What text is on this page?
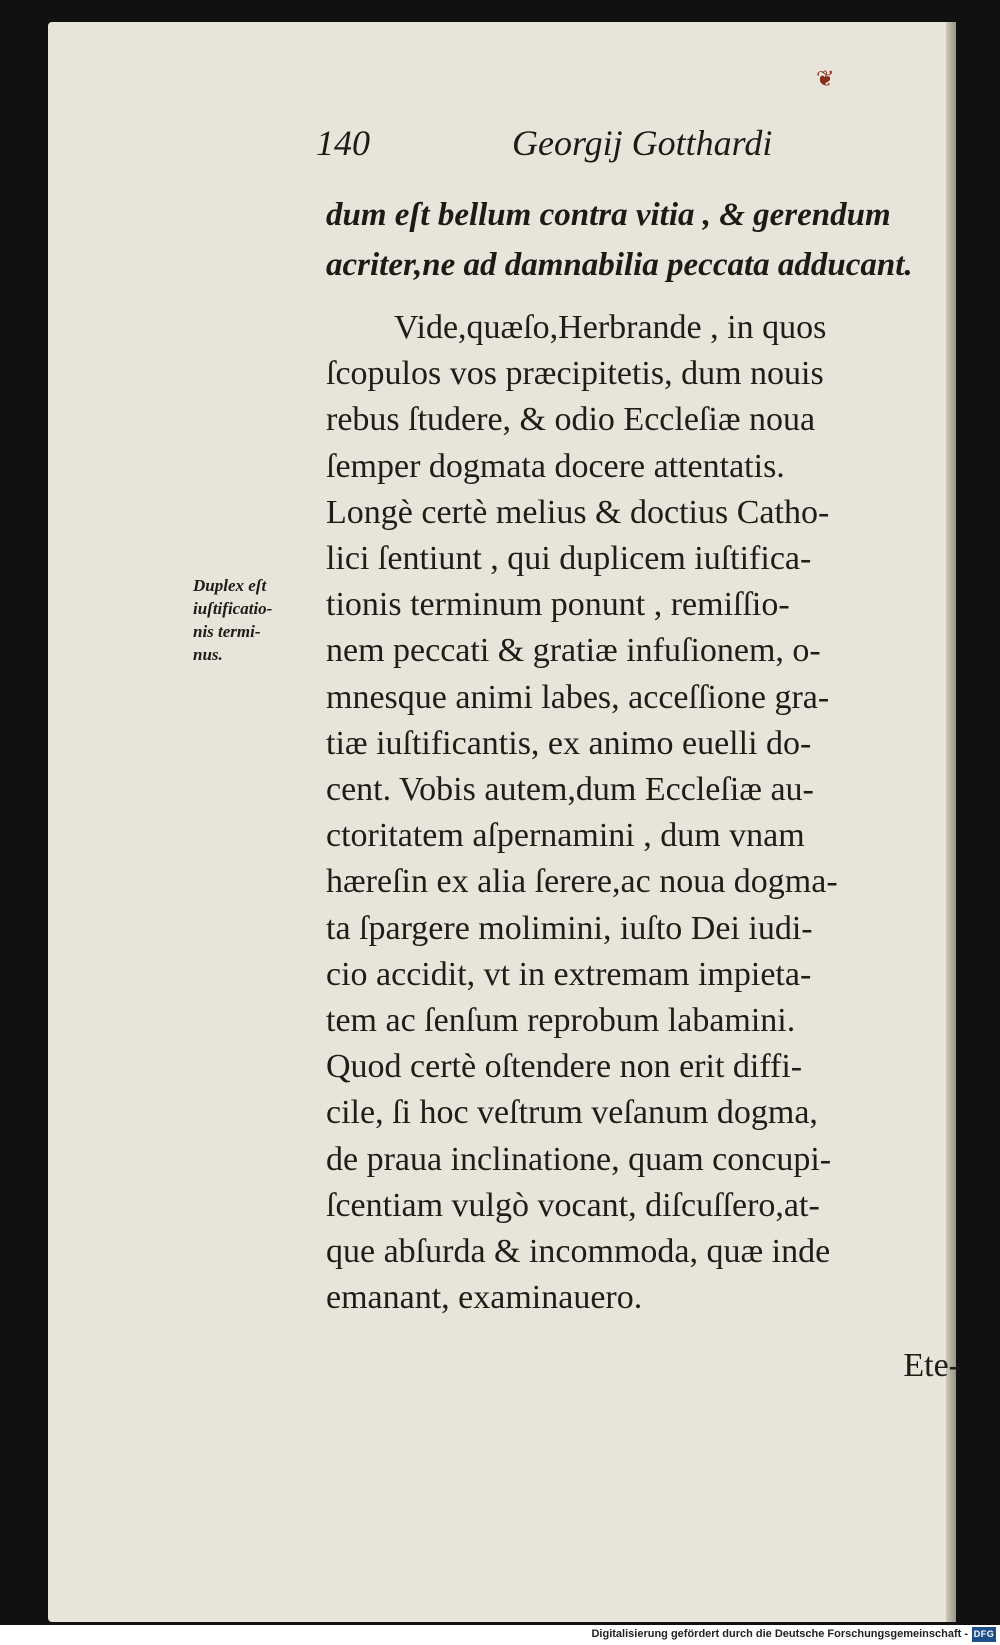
❦
140	Georgij Gotthardi
dum eſt bellum contra vitia , & gerendum
acriter,ne ad damnabilia peccata adducant.
Duplex eſt
iuſtificatio-
nis termi-
nus.
Vide,quæſo,Herbrande , in quos
ſcopulos vos præcipitetis, dum nouis
rebus ſtudere, & odio Eccleſiæ noua
ſemper dogmata docere attentatis.
Longè certè melius & doctius Catho-
lici ſentiunt , qui duplicem iuſtifica-
tionis terminum ponunt , remiſſio-
nem peccati & gratiæ infuſionem, o-
mnesque animi labes, acceſſione gra-
tiæ iuſtificantis, ex animo euelli do-
cent. Vobis autem,dum Eccleſiæ au-
ctoritatem aſpernamini , dum vnam
hæreſin ex alia ſerere,ac noua dogma-
ta ſpargere molimini, iuſto Dei iudi-
cio accidit, vt in extremam impieta-
tem ac ſenſum reprobum labamini.
Quod certè oſtendere non erit diffi-
cile, ſi hoc veſtrum veſanum dogma,
de praua inclinatione, quam concupi-
ſcentiam vulgò vocant, diſcuſſero,at-
que abſurda & incommoda, quæ inde
emanant, examinauero.
Ete-
Digitalisierung gefördert durch die Deutsche Forschungsgemeinschaft - DFG
